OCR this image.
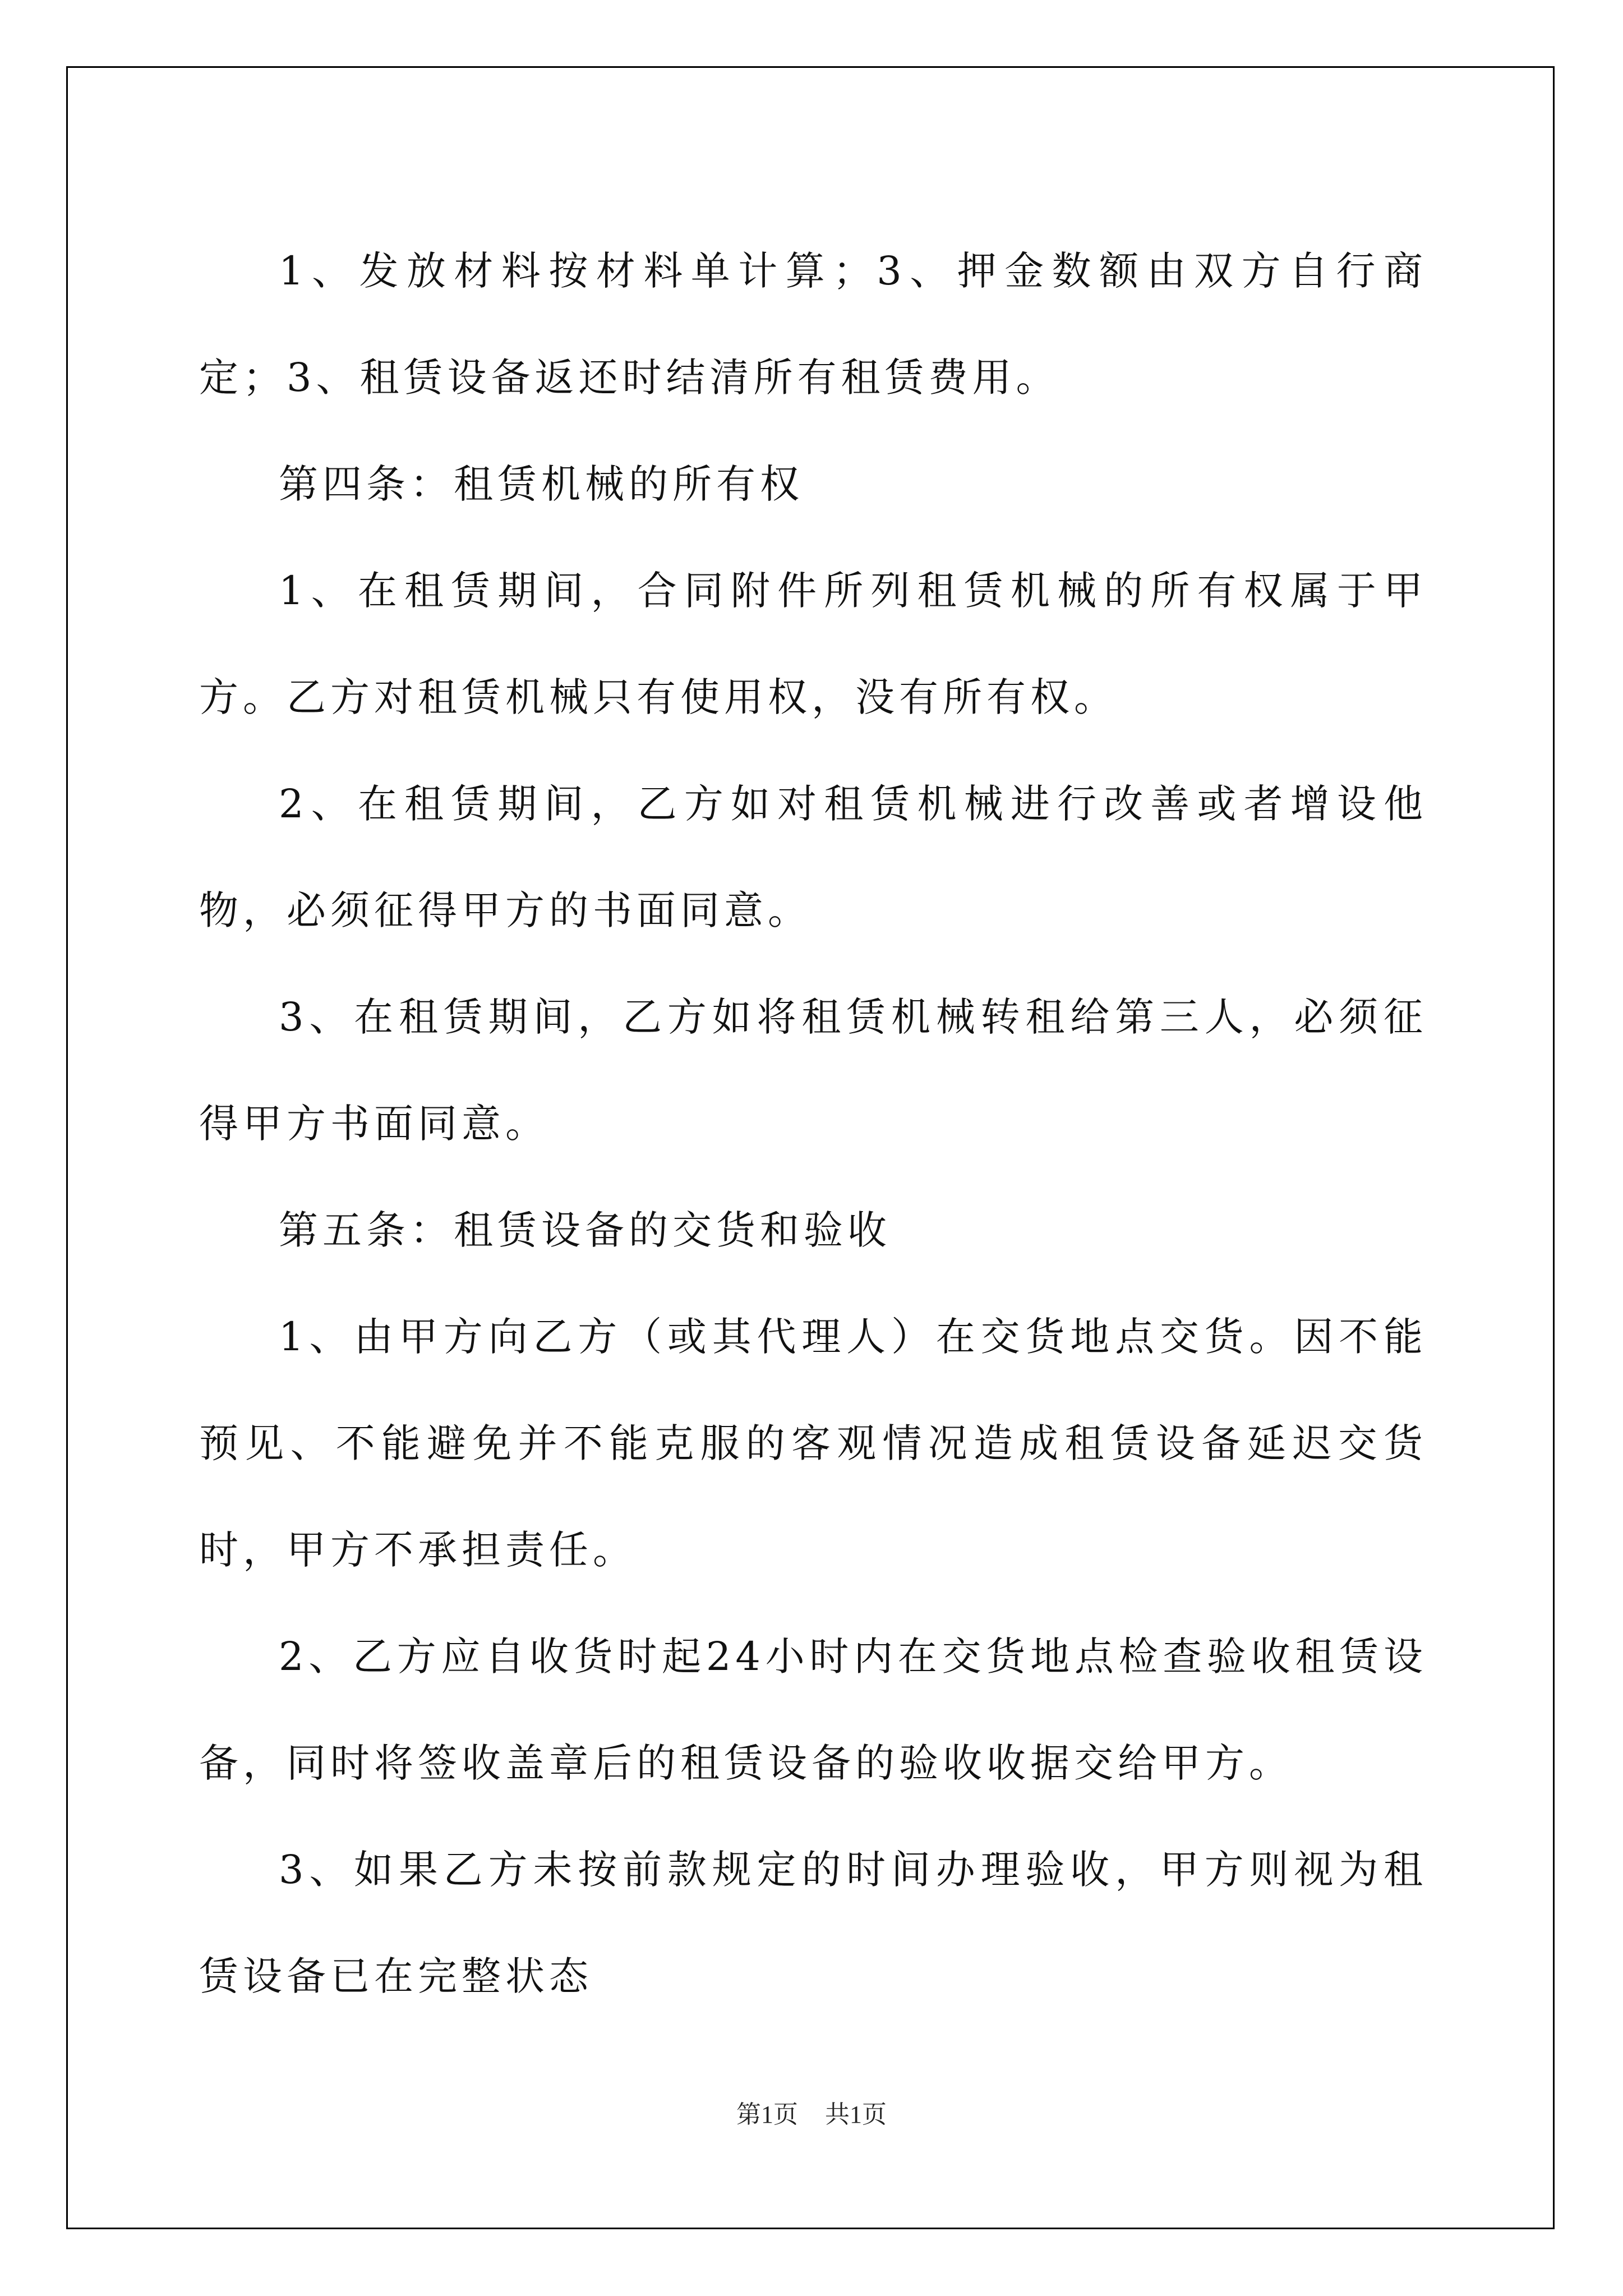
1、发放材料按材料单计算；3、押金数额由双方自行商定；3、租赁设备返还时结清所有租赁费用。

第四条：租赁机械的所有权

1、在租赁期间，合同附件所列租赁机械的所有权属于甲方。乙方对租赁机械只有使用权，没有所有权。

2、在租赁期间，乙方如对租赁机械进行改善或者增设他物，必须征得甲方的书面同意。

3、在租赁期间，乙方如将租赁机械转租给第三人，必须征得甲方书面同意。

第五条：租赁设备的交货和验收

1、由甲方向乙方（或其代理人）在交货地点交货。因不能预见、不能避免并不能克服的客观情况造成租赁设备延迟交货时，甲方不承担责任。

2、乙方应自收货时起24小时内在交货地点检查验收租赁设备，同时将签收盖章后的租赁设备的验收收据交给甲方。

3、如果乙方未按前款规定的时间办理验收，甲方则视为租赁设备已在完整状态

第1页 共1页
